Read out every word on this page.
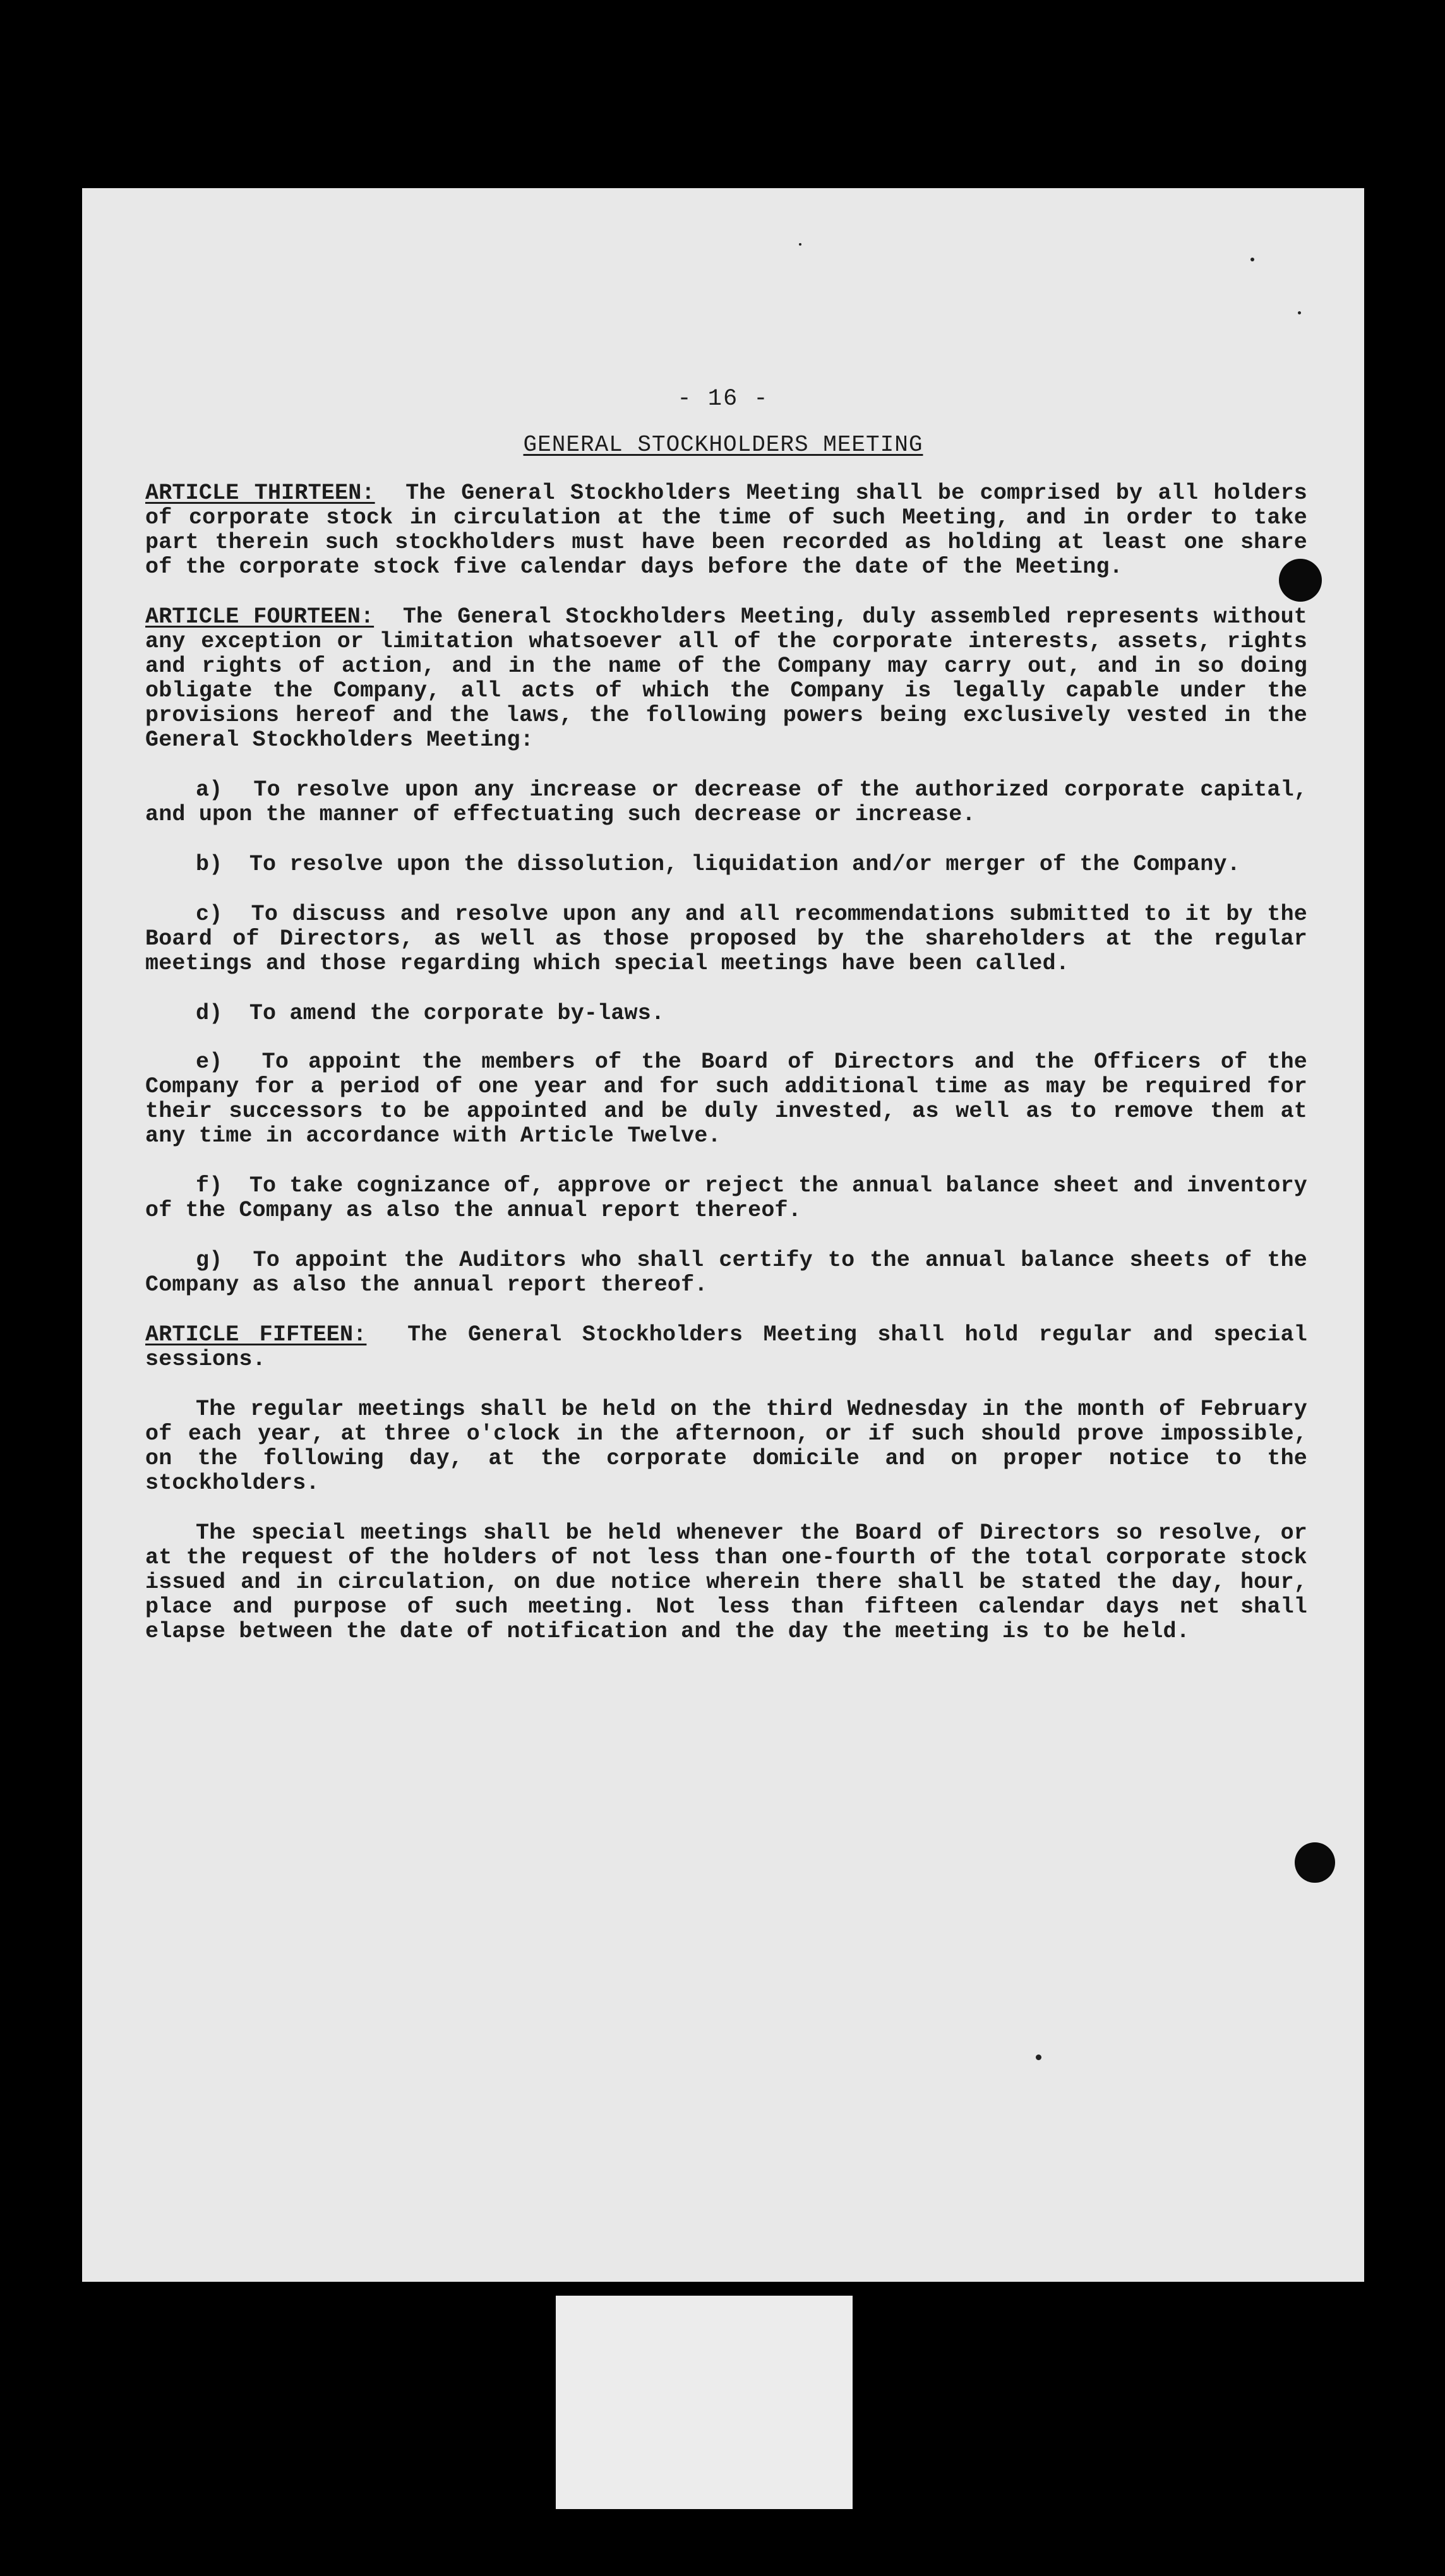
- 16 -
GENERAL STOCKHOLDERS MEETING

ARTICLE THIRTEEN: The General Stockholders Meeting shall be comprised by all holders of corporate stock in circulation at the time of such Meeting, and in order to take part therein such stockholders must have been recorded as holding at least one share of the corporate stock five calendar days before the date of the Meeting.

ARTICLE FOURTEEN: The General Stockholders Meeting, duly assembled represents without any exception or limitation whatsoever all of the corporate interests, assets, rights and rights of action, and in the name of the Company may carry out, and in so doing obligate the Company, all acts of which the Company is legally capable under the provisions hereof and the laws, the following powers being exclusively vested in the General Stockholders Meeting:

a) To resolve upon any increase or decrease of the authorized corporate capital, and upon the manner of effectuating such decrease or increase.

b) To resolve upon the dissolution, liquidation and/or merger of the Company.

c) To discuss and resolve upon any and all recommendations submitted to it by the Board of Directors, as well as those proposed by the shareholders at the regular meetings and those regarding which special meetings have been called.

d) To amend the corporate by-laws.

e) To appoint the members of the Board of Directors and the Officers of the Company for a period of one year and for such additional time as may be required for their successors to be appointed and be duly invested, as well as to remove them at any time in accordance with Article Twelve.

f) To take cognizance of, approve or reject the annual balance sheet and inventory of the Company as also the annual report thereof.

g) To appoint the Auditors who shall certify to the annual balance sheets of the Company as also the annual report thereof.

ARTICLE FIFTEEN: The General Stockholders Meeting shall hold regular and special sessions.

The regular meetings shall be held on the third Wednesday in the month of February of each year, at three o'clock in the afternoon, or if such should prove impossible, on the following day, at the corporate domicile and on proper notice to the stockholders.

The special meetings shall be held whenever the Board of Directors so resolve, or at the request of the holders of not less than one-fourth of the total corporate stock issued and in circulation, on due notice wherein there shall be stated the day, hour, place and purpose of such meeting. Not less than fifteen calendar days net shall elapse between the date of notification and the day the meeting is to be held.
